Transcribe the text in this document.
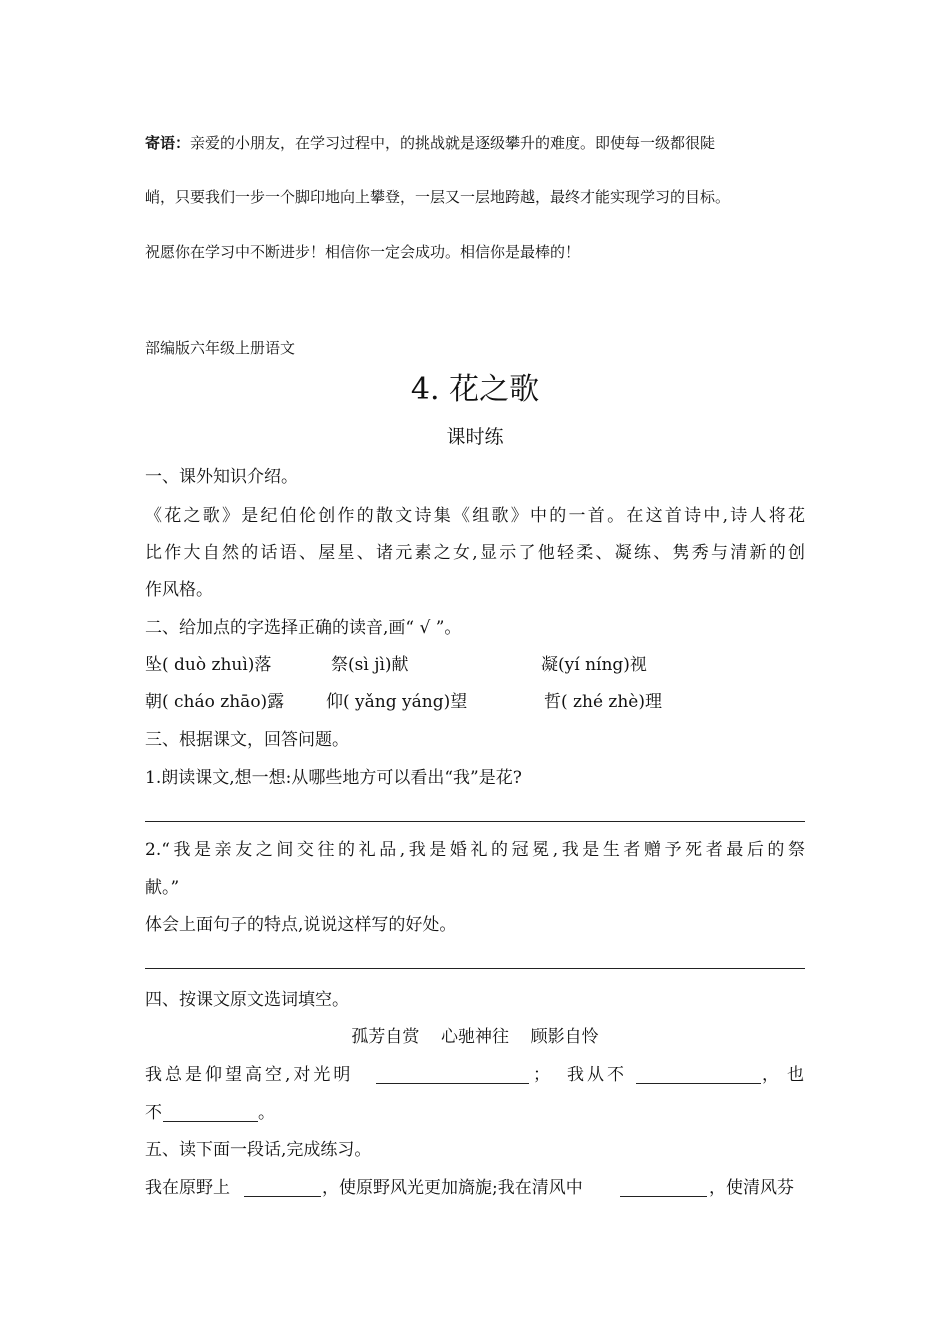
寄语：亲爱的小朋友，在学习过程中，的挑战就是逐级攀升的难度。即使每一级都很陡
峭，只要我们一步一个脚印地向上攀登，一层又一层地跨越，最终才能实现学习的目标。
祝愿你在学习中不断进步！相信你一定会成功。相信你是最棒的！
部编版六年级上册语文
4. 花之歌
课时练
一、课外知识介绍。
《花之歌》是纪伯伦创作的散文诗集《组歌》中的一首。在这首诗中,诗人将花
比作大自然的话语、屋星、诸元素之女,显示了他轻柔、凝练、隽秀与清新的创
作风格。
二、给加点的字选择正确的读音,画“ √ ”。
坠( duò zhuì)落	祭(sì jì)献	凝(yí níng)视
朝( cháo zhāo)露 仰( yǎng yáng)望	哲( zhé zhè)理
三、根据课文，回答问题。
1.朗读课文,想一想:从哪些地方可以看出“我”是花?
2.“我是亲友之间交往的礼品,我是婚礼的冠冕,我是生者赠予死者最后的祭
献。”
体会上面句子的特点,说说这样写的好处。
四、按课文原文选词填空。
孤芳自赏    心驰神往    顾影自怜
我总是仰望高空,对光明	； 我从不	，也
不	。
五、读下面一段话,完成练习。
我在原野上	，使原野风光更加旖旎;我在清风中	，使清风芬
